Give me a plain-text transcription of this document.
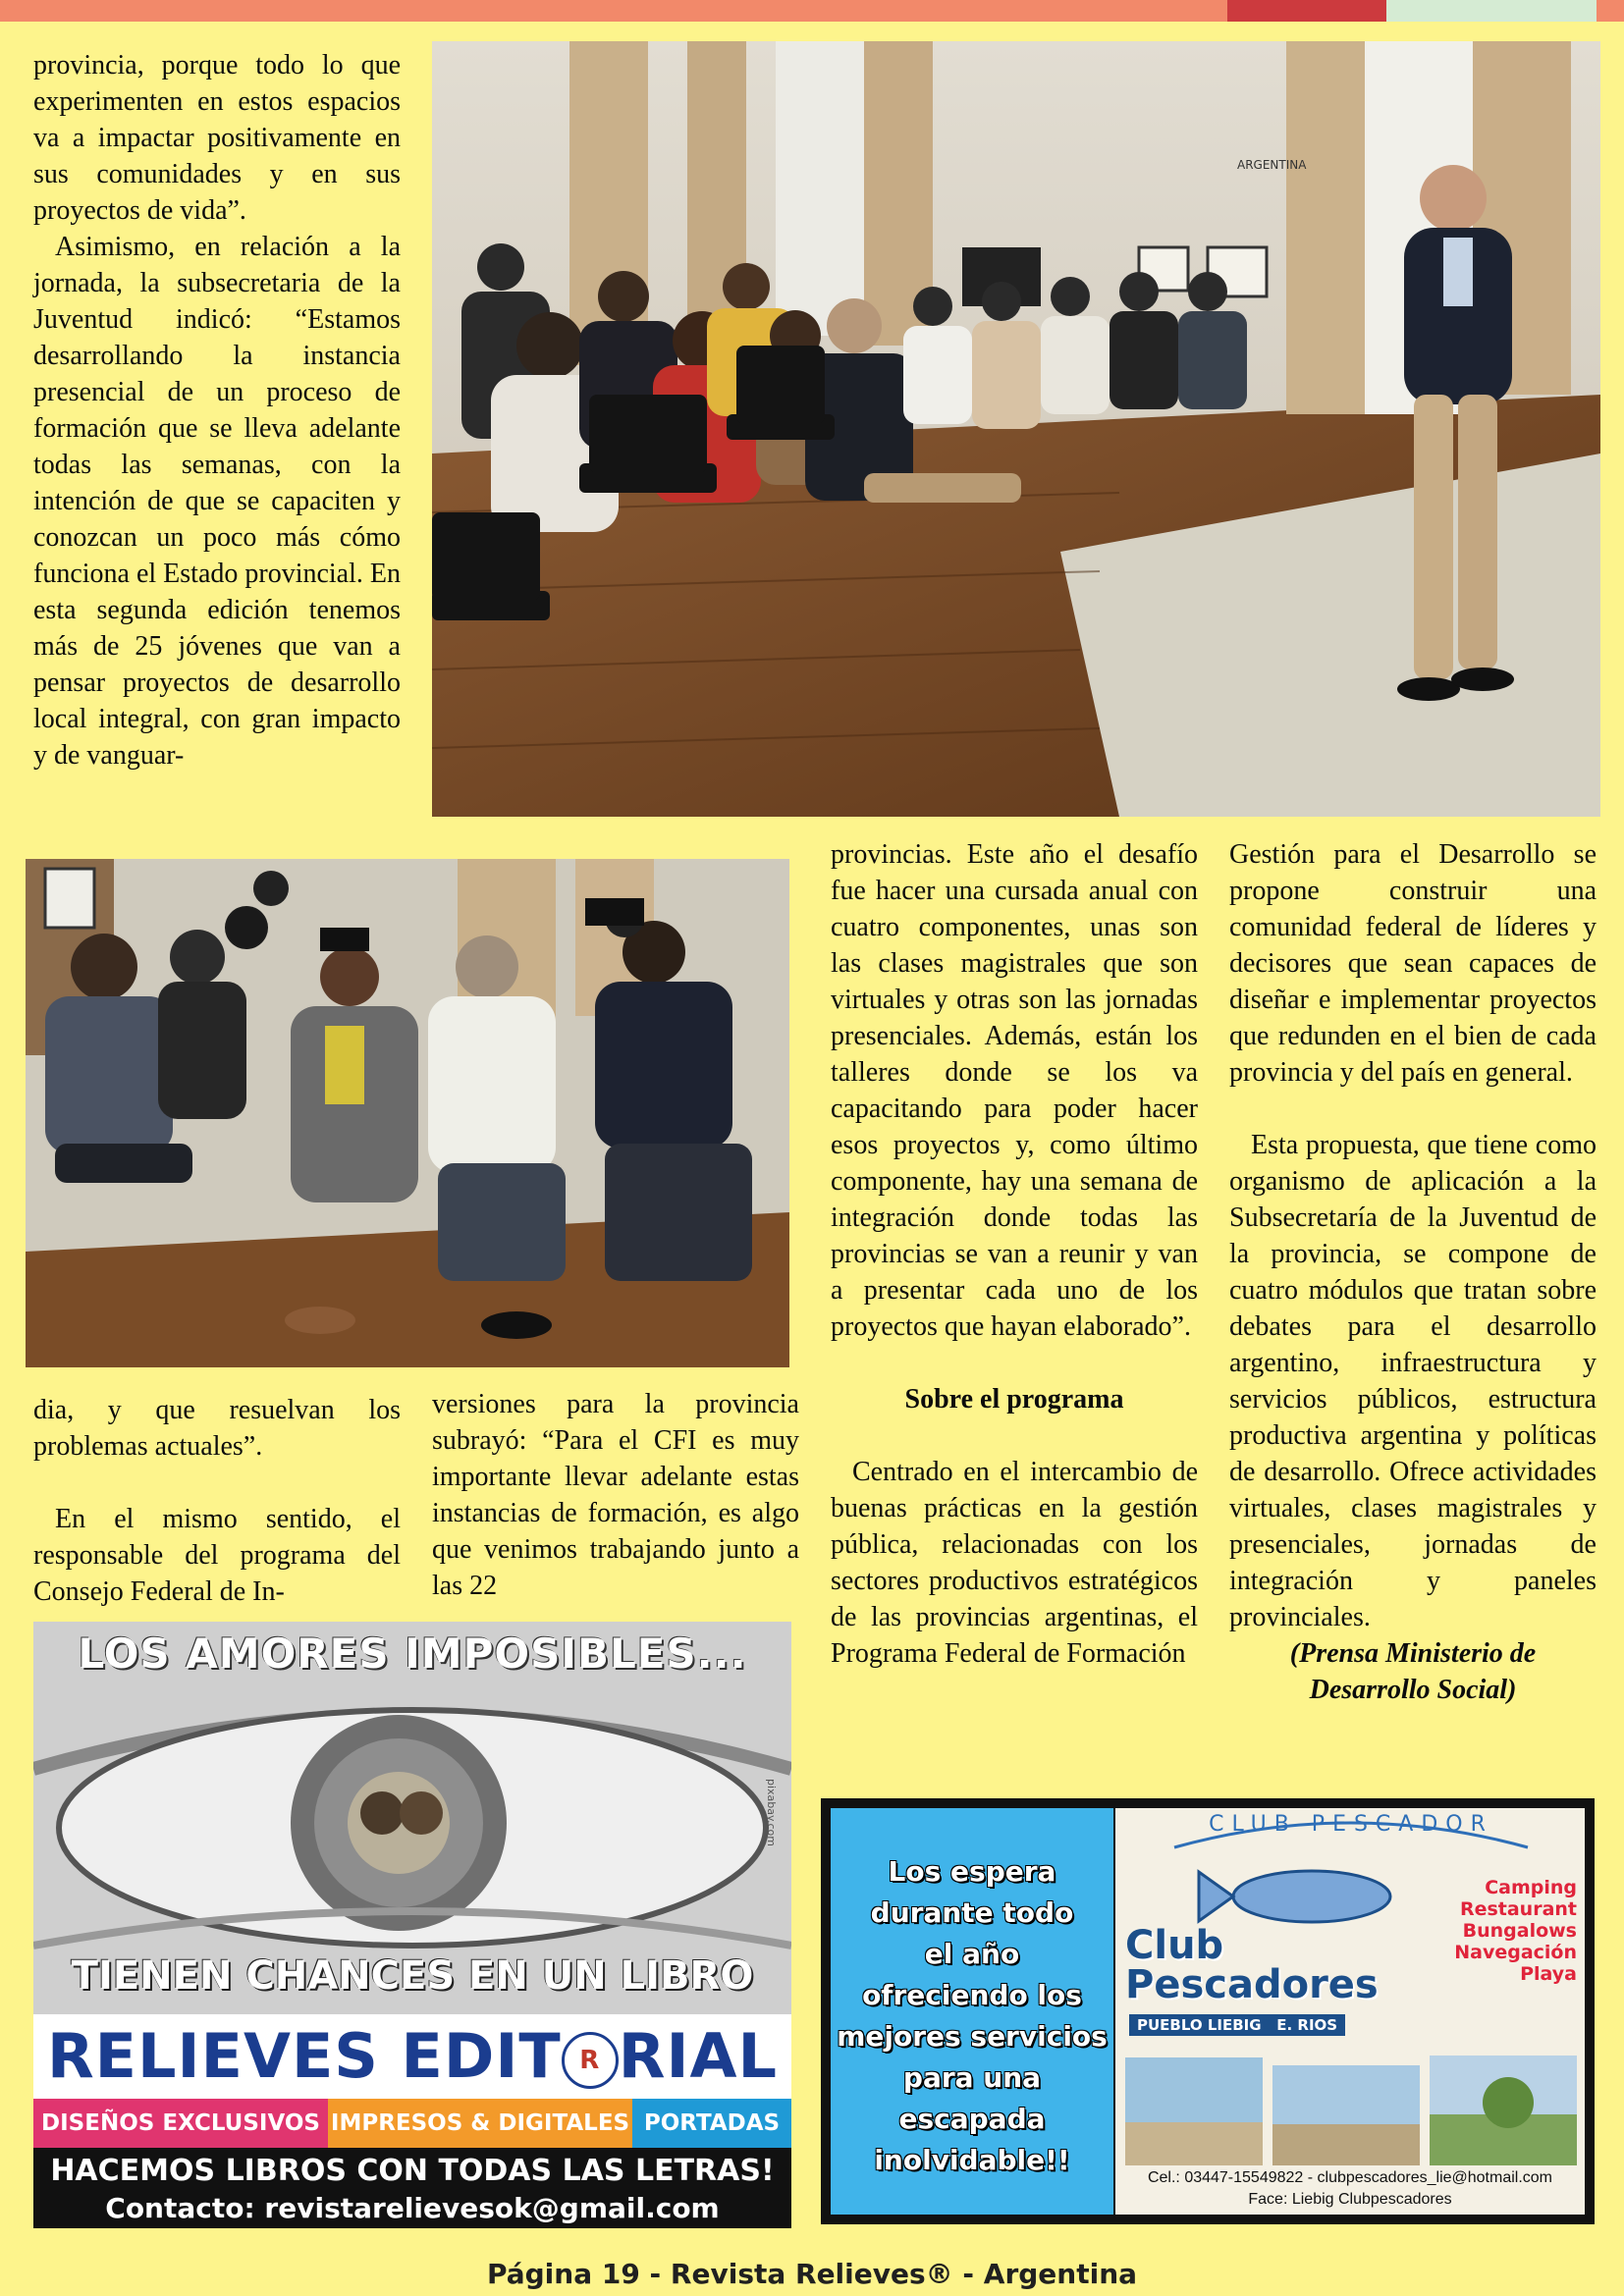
provincia, porque todo lo que experimenten en estos espacios va a impactar positivamente en sus comunidades y en sus proyectos de vida”.

Asimismo, en relación a la jornada, la subsecretaria de la Juventud indicó: “Estamos desarrollando la instancia presencial de un proceso de formación que se lleva adelante todas las semanas, con la intención de que se capaciten y conozcan un poco más cómo funciona el Estado provincial. En esta segunda edición tenemos más de 25 jóvenes que van a pensar proyectos de desarrollo local integral, con gran impacto y de vanguar-

ARGENTINA

dia, y que resuelvan los problemas actuales”.

En el mismo sentido, el responsable del programa del Consejo Federal de In-

versiones para la provincia subrayó: “Para el CFI es muy importante llevar adelante estas instancias de formación, es algo que venimos trabajando junto a las 22

provincias. Este año el desafío fue hacer una cursada anual con cuatro componentes, unas son las clases magistrales que son virtuales y otras son las jornadas presenciales. Además, están los talleres donde se los va capacitando para poder hacer esos proyectos y, como último componente, hay una semana de integración donde todas las provincias se van a reunir y van a presentar cada uno de los proyectos que hayan elaborado”.

Sobre el programa

Centrado en el intercambio de buenas prácticas en la gestión pública, relacionadas con los sectores productivos estratégicos de las provincias argentinas, el Programa Federal de Formación

Gestión para el Desarrollo se propone construir una comunidad federal de líderes y decisores que sean capaces de diseñar e implementar proyectos que redunden en el bien de cada provincia y del país en general.

Esta propuesta, que tiene como organismo de aplicación a la Subsecretaría de la Juventud de la provincia, se compone de cuatro módulos que tratan sobre debates para el desarrollo argentino, infraestructura y servicios públicos, estructura productiva argentina y políticas de desarrollo. Ofrece actividades virtuales, clases magistrales y presenciales, jornadas de integración y paneles provinciales.

(Prensa Ministerio de

Desarrollo Social)

LOS AMORES IMPOSIBLES...
pixabay.com
TIENEN CHANCES EN UN LIBRO
RELIEVES EDIT R RIAL
DISEÑOS EXCLUSIVOS IMPRESOS & DIGITALES PORTADAS
HACEMOS LIBROS CON TODAS LAS LETRAS!
Contacto: revistarelievesok@gmail.com
Los espera
durante todo
el año
ofreciendo los
mejores servicios
para una
escapada
inolvidable!!
CLUB PESCADOR
Club
Pescadores
PUEBLO LIEBIG   E. RIOS
Camping
Restaurant
Bungalows
Navegación
Playa
Cel.: 03447-15549822 - clubpescadores_lie@hotmail.com
Face: Liebig Clubpescadores
Página 19 - Revista Relieves® - Argentina
